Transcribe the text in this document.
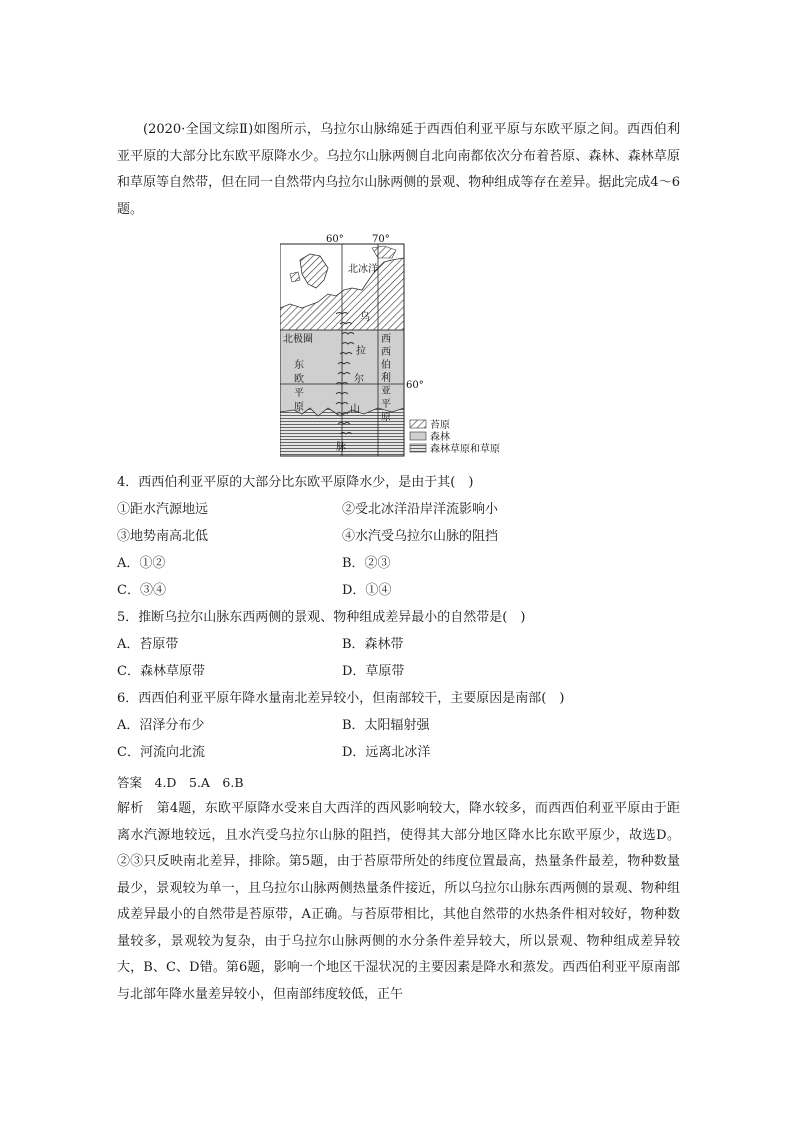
(2020·全国文综Ⅱ)如图所示，乌拉尔山脉绵延于西西伯利亚平原与东欧平原之间。西西伯利亚平原的大部分比东欧平原降水少。乌拉尔山脉两侧自北向南都依次分布着苔原、森林、森林草原和草原等自然带，但在同一自然带内乌拉尔山脉两侧的景观、物种组成等存在差异。据此完成4～6题。
60°	70°
60°
北冰洋
北极圈
乌
拉
尔
山
脉
东
欧
平
原
西
西
伯
利
亚
平
原
苔原
森林
森林草原和草原
4．西西伯利亚平原的大部分比东欧平原降水少，是由于其(　)
①距水汽源地远	②受北冰洋沿岸洋流影响小
③地势南高北低	④水汽受乌拉尔山脉的阻挡
A．①②	B．②③
C．③④	D．①④
5．推断乌拉尔山脉东西两侧的景观、物种组成差异最小的自然带是(　)
A．苔原带	B．森林带
C．森林草原带	D．草原带
6．西西伯利亚平原年降水量南北差异较小，但南部较干，主要原因是南部(　)
A．沼泽分布少	B．太阳辐射强
C．河流向北流	D．远离北冰洋
答案　4.D　5.A　6.B
解析　第4题，东欧平原降水受来自大西洋的西风影响较大，降水较多，而西西伯利亚平原由于距离水汽源地较远，且水汽受乌拉尔山脉的阻挡，使得其大部分地区降水比东欧平原少，故选D。②③只反映南北差异，排除。第5题，由于苔原带所处的纬度位置最高，热量条件最差，物种数量最少，景观较为单一，且乌拉尔山脉两侧热量条件接近，所以乌拉尔山脉东西两侧的景观、物种组成差异最小的自然带是苔原带，A正确。与苔原带相比，其他自然带的水热条件相对较好，物种数量较多，景观较为复杂，由于乌拉尔山脉两侧的水分条件差异较大，所以景观、物种组成差异较大，B、C、D错。第6题，影响一个地区干湿状况的主要因素是降水和蒸发。西西伯利亚平原南部与北部年降水量差异较小，但南部纬度较低，正午
